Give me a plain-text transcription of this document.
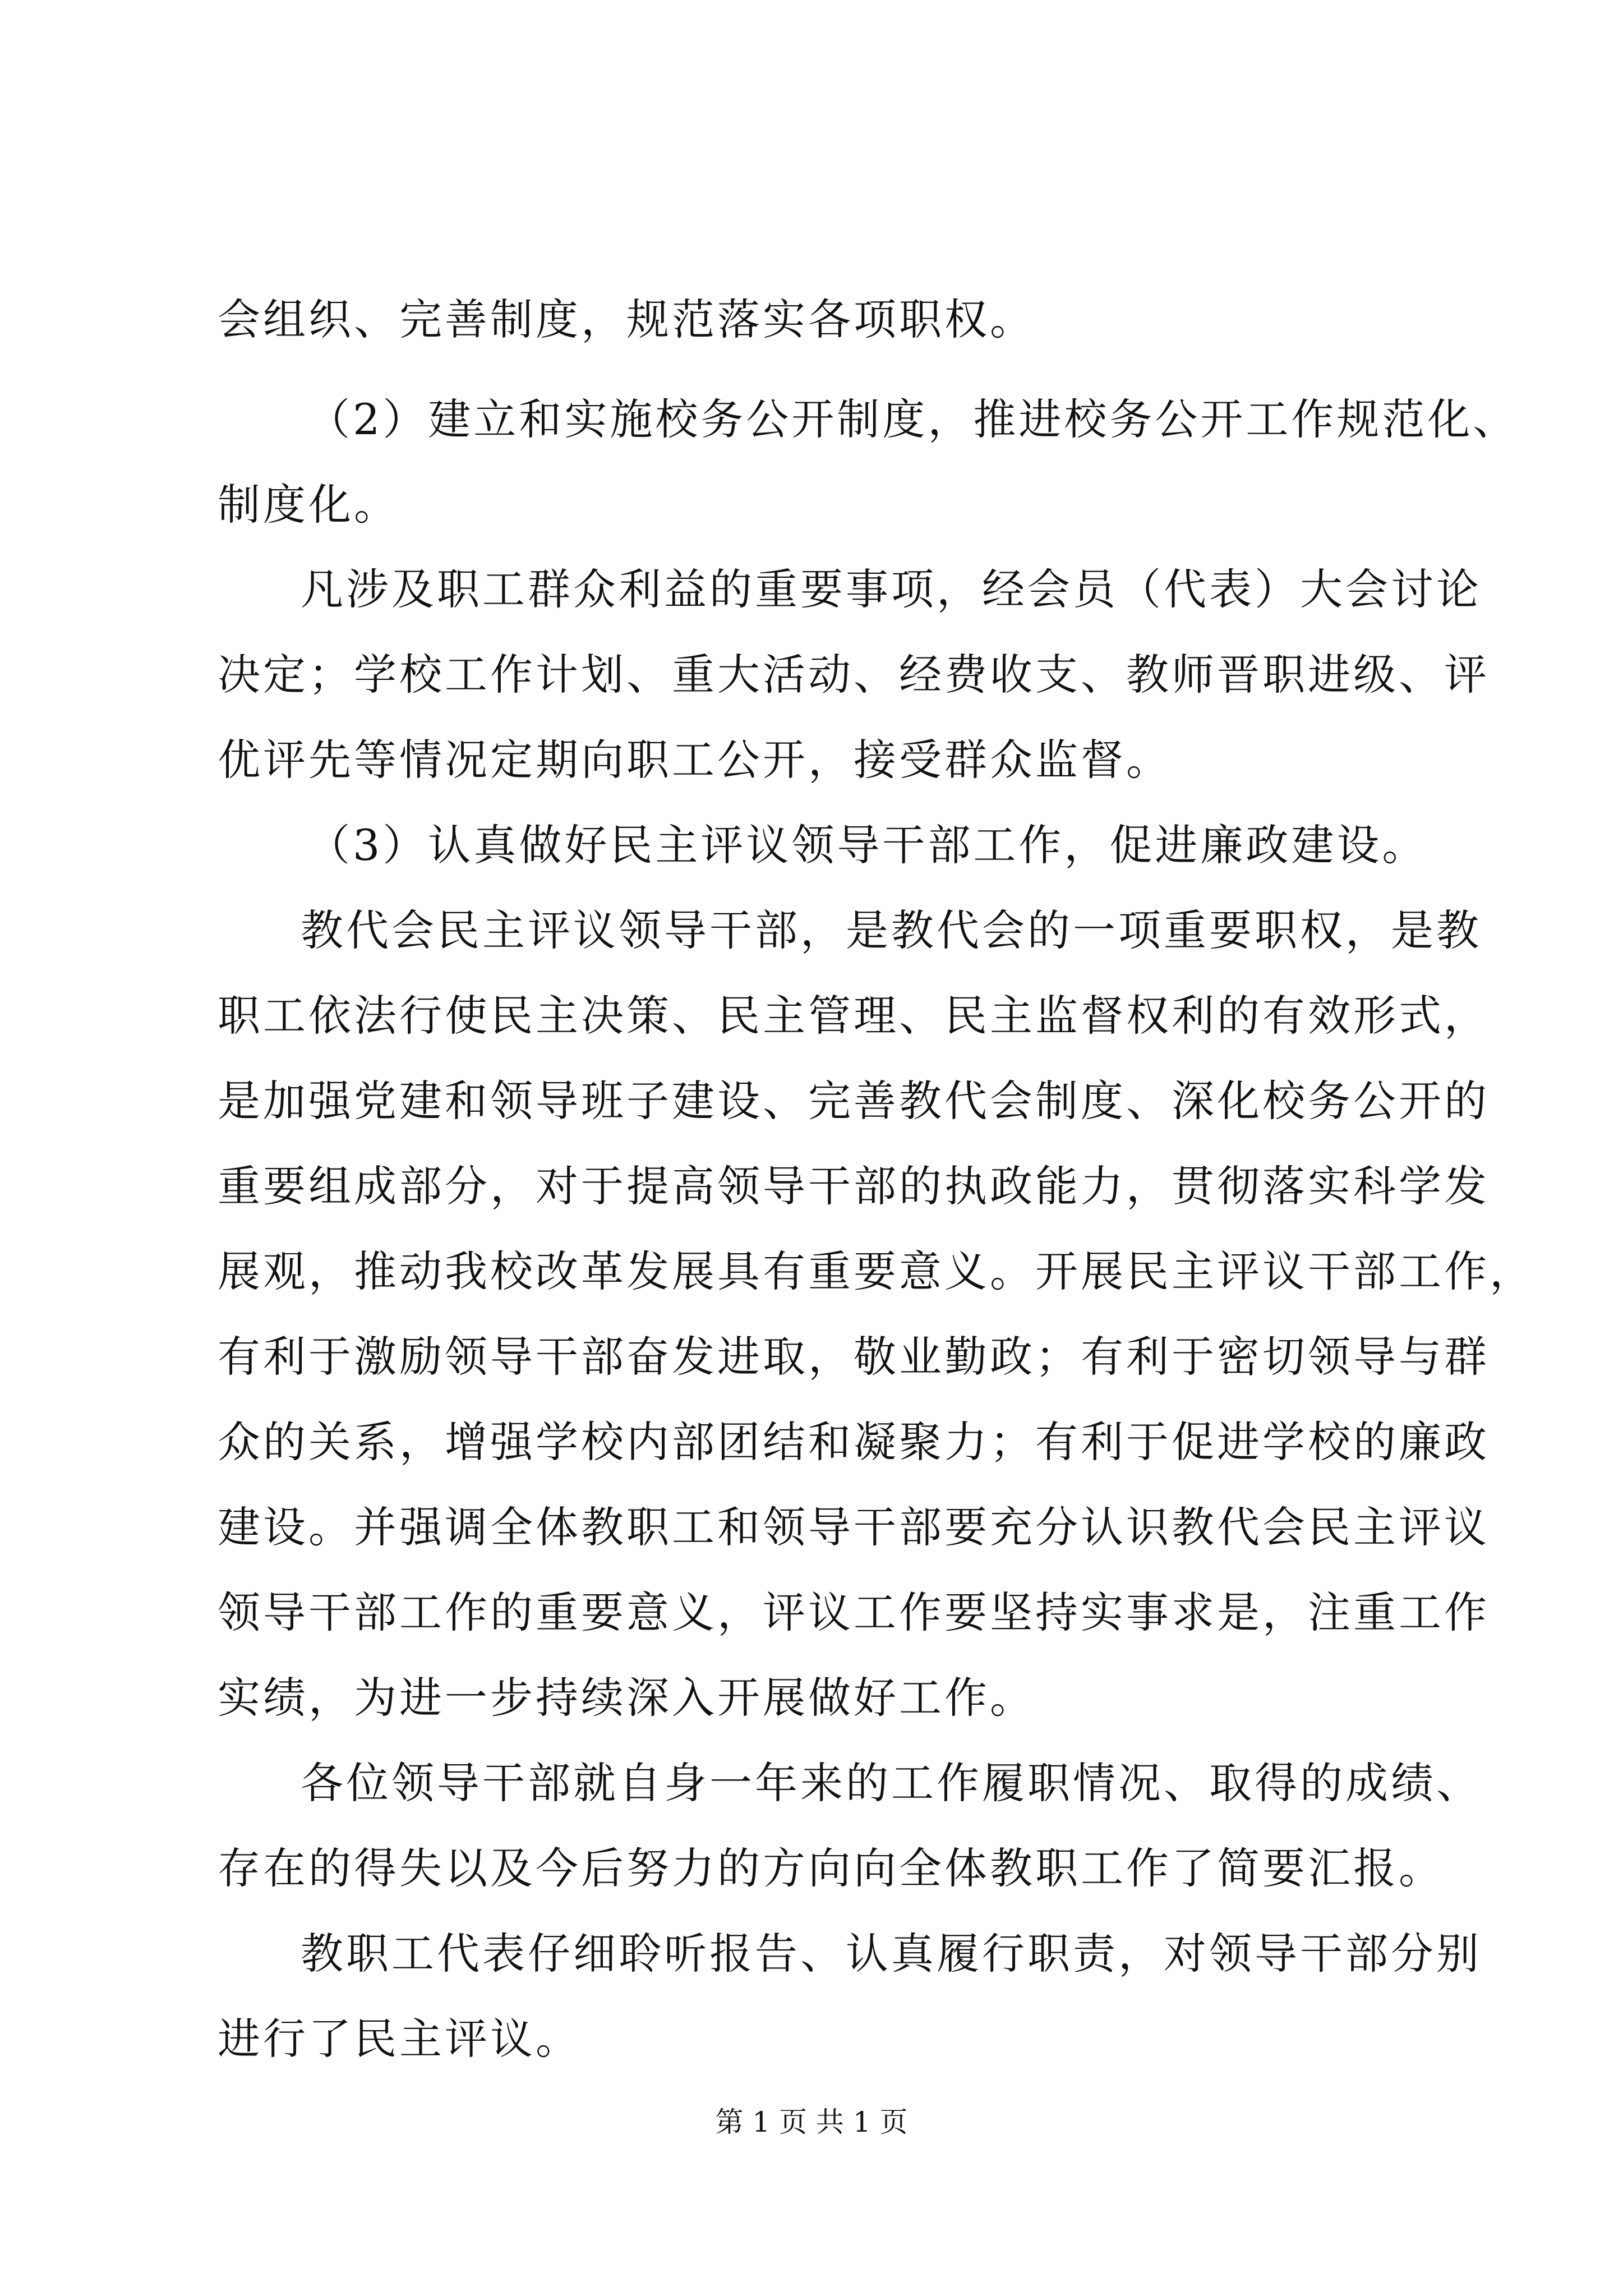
会组织、完善制度，规范落实各项职权。

（2）建立和实施校务公开制度，推进校务公开工作规范化、

制度化。

凡涉及职工群众利益的重要事项，经会员（代表）大会讨论

决定；学校工作计划、重大活动、经费收支、教师晋职进级、评

优评先等情况定期向职工公开，接受群众监督。

（3）认真做好民主评议领导干部工作，促进廉政建设。

教代会民主评议领导干部，是教代会的一项重要职权，是教

职工依法行使民主决策、民主管理、民主监督权利的有效形式，

是加强党建和领导班子建设、完善教代会制度、深化校务公开的

重要组成部分，对于提高领导干部的执政能力，贯彻落实科学发

展观，推动我校改革发展具有重要意义。开展民主评议干部工作，

有利于激励领导干部奋发进取，敬业勤政；有利于密切领导与群

众的关系，增强学校内部团结和凝聚力；有利于促进学校的廉政

建设。并强调全体教职工和领导干部要充分认识教代会民主评议

领导干部工作的重要意义，评议工作要坚持实事求是，注重工作

实绩，为进一步持续深入开展做好工作。

各位领导干部就自身一年来的工作履职情况、取得的成绩、

存在的得失以及今后努力的方向向全体教职工作了简要汇报。

教职工代表仔细聆听报告、认真履行职责，对领导干部分别

进行了民主评议。

第 1 页 共 1 页
